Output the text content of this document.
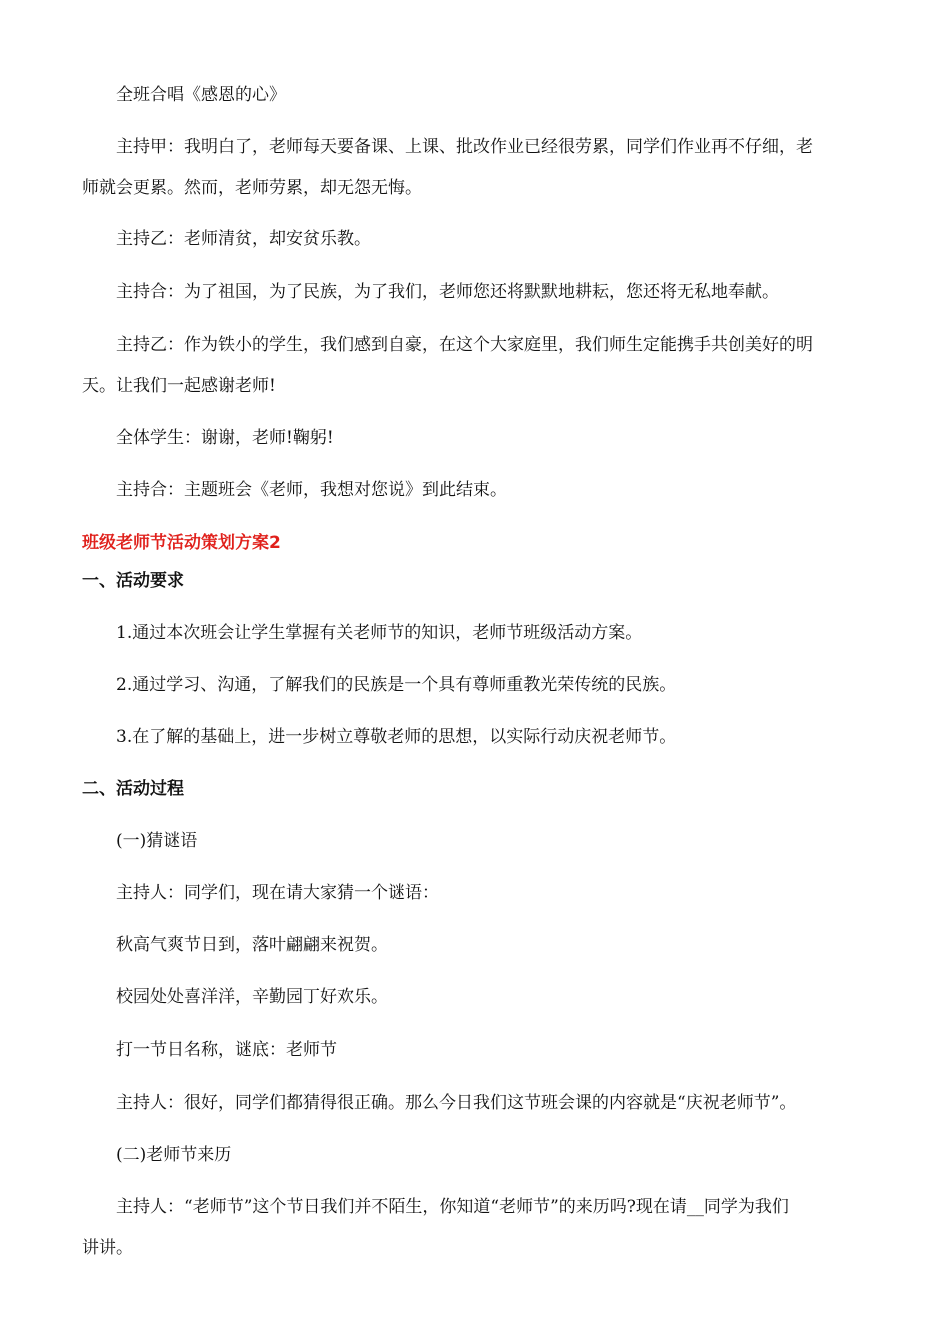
全班合唱《感恩的心》
主持甲：我明白了，老师每天要备课、上课、批改作业已经很劳累，同学们作业再不仔细，老
师就会更累。然而，老师劳累，却无怨无悔。
主持乙：老师清贫，却安贫乐教。
主持合：为了祖国，为了民族，为了我们，老师您还将默默地耕耘，您还将无私地奉献。
主持乙：作为铁小的学生，我们感到自豪，在这个大家庭里，我们师生定能携手共创美好的明
天。让我们一起感谢老师!
全体学生：谢谢，老师!鞠躬!
主持合：主题班会《老师，我想对您说》到此结束。
班级老师节活动策划方案2
一、活动要求
1.通过本次班会让学生掌握有关老师节的知识，老师节班级活动方案。
2.通过学习、沟通，了解我们的民族是一个具有尊师重教光荣传统的民族。
3.在了解的基础上，进一步树立尊敬老师的思想，以实际行动庆祝老师节。
二、活动过程
(一)猜谜语
主持人：同学们，现在请大家猜一个谜语：
秋高气爽节日到，落叶翩翩来祝贺。
校园处处喜洋洋，辛勤园丁好欢乐。
打一节日名称，谜底：老师节
主持人：很好，同学们都猜得很正确。那么今日我们这节班会课的内容就是“庆祝老师节”。
(二)老师节来历
主持人：“老师节”这个节日我们并不陌生，你知道“老师节”的来历吗?现在请__同学为我们
讲讲。
